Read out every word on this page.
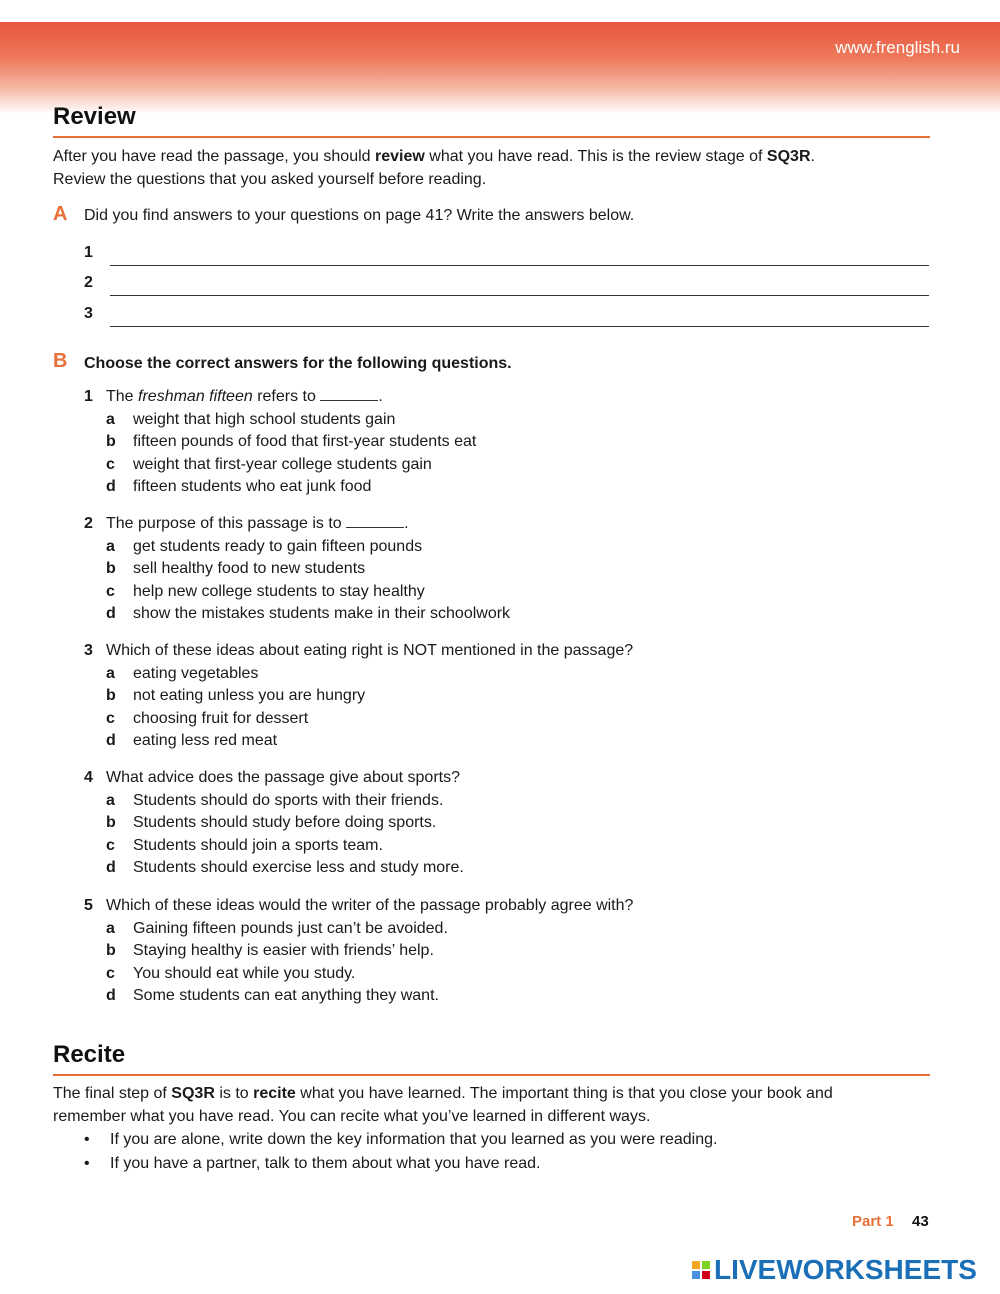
www.frenglish.ru
Review
After you have read the passage, you should review what you have read. This is the review stage of SQ3R.
Review the questions that you asked yourself before reading.
A Did you find answers to your questions on page 41? Write the answers below.
1
2
3
B Choose the correct answers for the following questions.
1 The freshman fifteen refers to	.
a weight that high school students gain
b fifteen pounds of food that first-year students eat
c weight that first-year college students gain
d fifteen students who eat junk food
2 The purpose of this passage is to	.
a get students ready to gain fifteen pounds
b sell healthy food to new students
c help new college students to stay healthy
d show the mistakes students make in their schoolwork
3 Which of these ideas about eating right is NOT mentioned in the passage?
a eating vegetables
b not eating unless you are hungry
c choosing fruit for dessert
d eating less red meat
4 What advice does the passage give about sports?
a Students should do sports with their friends.
b Students should study before doing sports.
c Students should join a sports team.
d Students should exercise less and study more.
5 Which of these ideas would the writer of the passage probably agree with?
a Gaining fifteen pounds just can’t be avoided.
b Staying healthy is easier with friends’ help.
c You should eat while you study.
d Some students can eat anything they want.
Recite
The final step of SQ3R is to recite what you have learned. The important thing is that you close your book and
remember what you have read. You can recite what you’ve learned in different ways.
• If you are alone, write down the key information that you learned as you were reading.
• If you have a partner, talk to them about what you have read.
Part 1 43
LIVEWORKSHEETS
